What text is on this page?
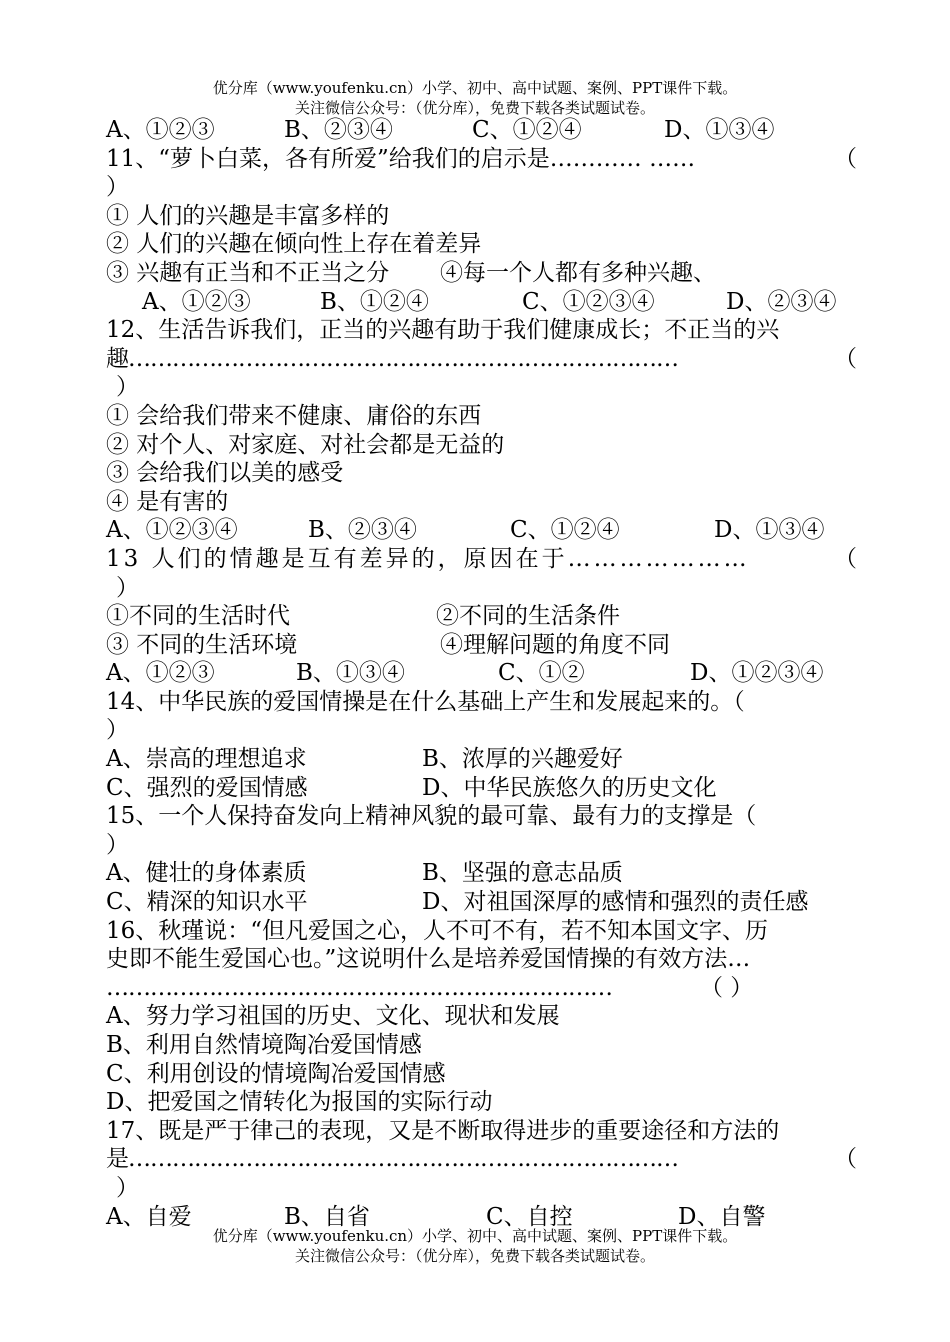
优分库（www.youfenku.cn）小学、初中、高中试题、案例、PPT课件下载。
关注微信公众号：（优分库），免费下载各类试题试卷。
A、①②③	B、②③④	C、①②④	D、①③④
11、“萝卜白菜，各有所爱”给我们的启示是………… ……	（
）
① 人们的兴趣是丰富多样的
② 人们的兴趣在倾向性上存在着差异
③ 兴趣有正当和不正当之分 ④每一个人都有多种兴趣、
A、①②③	B、①②④	C、①②③④	D、②③④
12、生活告诉我们，正当的兴趣有助于我们健康成长；不正当的兴
趣…………………………………………………………………	（
）
① 会给我们带来不健康、庸俗的东西
② 对个人、对家庭、对社会都是无益的
③ 会给我们以美的感受
④ 是有害的
A、①②③④	B、②③④	C、①②④	D、①③④
13 人们的情趣是互有差异的，原因在于…………………	（
）
①不同的生活时代	②不同的生活条件
③ 不同的生活环境	④理解问题的角度不同
A、①②③	B、①③④	C、①②	D、①②③④
14、中华民族的爱国情操是在什么基础上产生和发展起来的。（
）
A、崇高的理想追求	B、浓厚的兴趣爱好
C、强烈的爱国情感	D、中华民族悠久的历史文化
15、一个人保持奋发向上精神风貌的最可靠、最有力的支撑是（
）
A、健壮的身体素质	B、坚强的意志品质
C、精深的知识水平	D、对祖国深厚的感情和强烈的责任感
16、秋瑾说：“但凡爱国之心，人不可不有，若不知本国文字、历
史即不能生爱国心也。”这说明什么是培养爱国情操的有效方法…
……………………………………………………………	（ ）
A、努力学习祖国的历史、文化、现状和发展
B、利用自然情境陶冶爱国情感
C、利用创设的情境陶冶爱国情感
D、把爱国之情转化为报国的实际行动
17、既是严于律己的表现，又是不断取得进步的重要途径和方法的
是…………………………………………………………………	（
）
A、自爱	B、自省	C、自控	D、自警
优分库（www.youfenku.cn）小学、初中、高中试题、案例、PPT课件下载。
关注微信公众号：（优分库），免费下载各类试题试卷。
